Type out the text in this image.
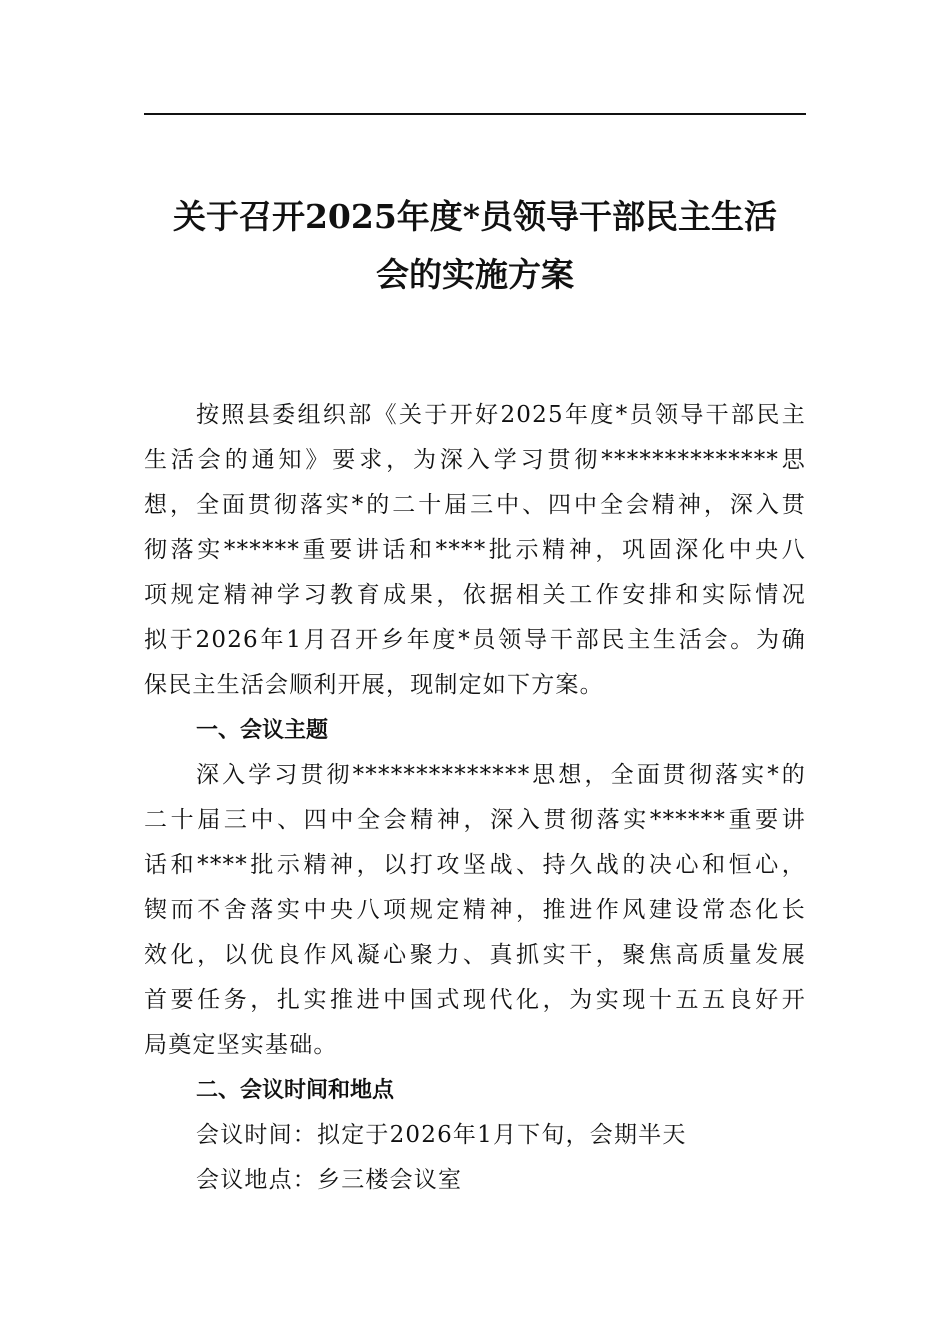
关于召开2025年度*员领导干部民主生活
会的实施方案
按照县委组织部《关于开好2025年度*员领导干部民主
生活会的通知》要求，为深入学习贯彻**************思
想，全面贯彻落实*的二十届三中、四中全会精神，深入贯
彻落实******重要讲话和****批示精神，巩固深化中央八
项规定精神学习教育成果，依据相关工作安排和实际情况
拟于2026年1月召开乡年度*员领导干部民主生活会。为确
保民主生活会顺利开展，现制定如下方案。

一、会议主题

深入学习贯彻**************思想，全面贯彻落实*的
二十届三中、四中全会精神，深入贯彻落实******重要讲
话和****批示精神，以打攻坚战、持久战的决心和恒心，
锲而不舍落实中央八项规定精神，推进作风建设常态化长
效化，以优良作风凝心聚力、真抓实干，聚焦高质量发展
首要任务，扎实推进中国式现代化，为实现十五五良好开
局奠定坚实基础。

二、会议时间和地点

会议时间：拟定于2026年1月下旬，会期半天

会议地点：乡三楼会议室
